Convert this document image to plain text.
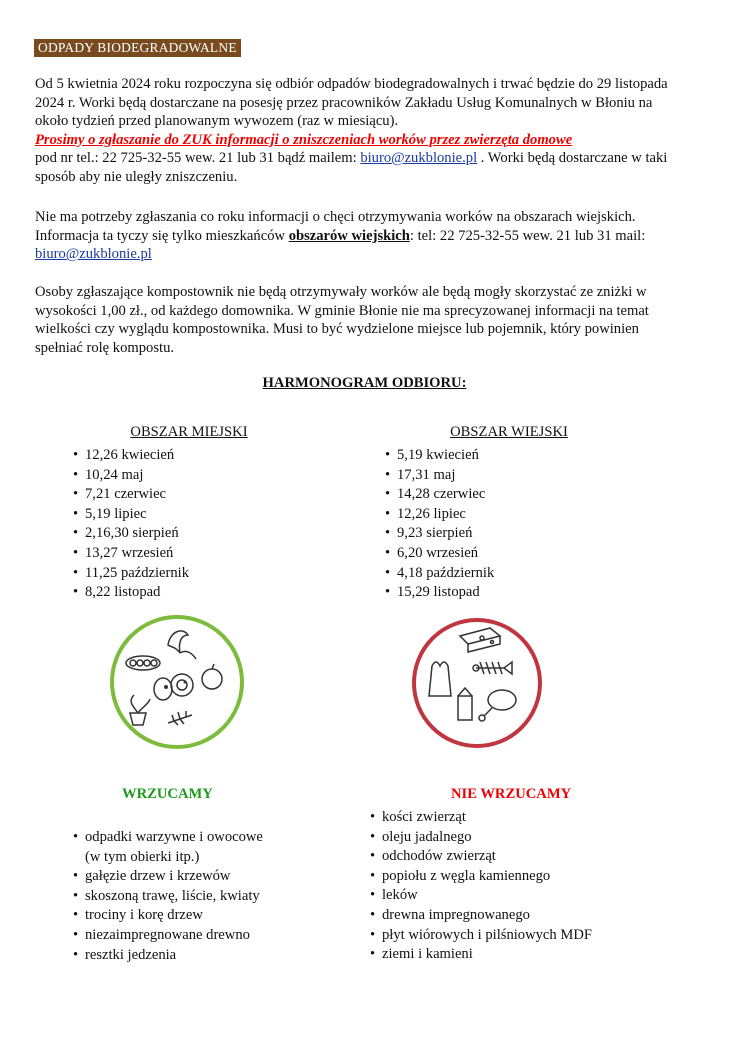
ODPADY BIODEGRADOWALNE

Od 5 kwietnia 2024 roku rozpoczyna się odbiór odpadów biodegradowalnych i trwać będzie do 29 listopada 2024 r. Worki będą dostarczane na posesję przez pracowników Zakładu Usług Komunalnych w Błoniu na około tydzień przed planowanym wywozem (raz w miesiącu).
Prosimy o zgłaszanie do ZUK informacji o zniszczeniach worków przez zwierzęta domowe
pod nr tel.: 22 725-32-55 wew. 21 lub 31 bądź mailem: biuro@zukblonie.pl . Worki będą dostarczane w taki sposób aby nie uległy zniszczeniu.

Nie ma potrzeby zgłaszania co roku informacji o chęci otrzymywania worków na obszarach wiejskich. Informacja ta tyczy się tylko mieszkańców obszarów wiejskich: tel: 22 725-32-55 wew. 21 lub 31 mail: biuro@zukblonie.pl

Osoby zgłaszające kompostownik nie będą otrzymywały worków ale będą mogły skorzystać ze zniżki w wysokości 1,00 zł., od każdego domownika. W gminie Błonie nie ma sprecyzowanej informacji na temat wielkości czy wyglądu kompostownika. Musi to być wydzielone miejsce lub pojemnik, który powinien spełniać rolę kompostu.

HARMONOGRAM ODBIORU:
OBSZAR MIEJSKI	OBSZAR WIEJSKI
• 12,26 kwiecień
• 10,24 maj
• 7,21 czerwiec
• 5,19 lipiec
• 2,16,30 sierpień
• 13,27 wrzesień
• 11,25 październik
• 8,22 listopad
• 5,19 kwiecień
• 17,31 maj
• 14,28 czerwiec
• 12,26 lipiec
• 9,23 sierpień
• 6,20 wrzesień
• 4,18 październik
• 15,29 listopad
WRZUCAMY	NIE WRZUCAMY
• odpadki warzywne i owocowe
(w tym obierki itp.)
• gałęzie drzew i krzewów
• skoszoną trawę, liście, kwiaty
• trociny i korę drzew
• niezaimpregnowane drewno
• resztki jedzenia
• kości zwierząt
• oleju jadalnego
• odchodów zwierząt
• popiołu z węgla kamiennego
• leków
• drewna impregnowanego
• płyt wiórowych i pilśniowych MDF
• ziemi i kamieni
